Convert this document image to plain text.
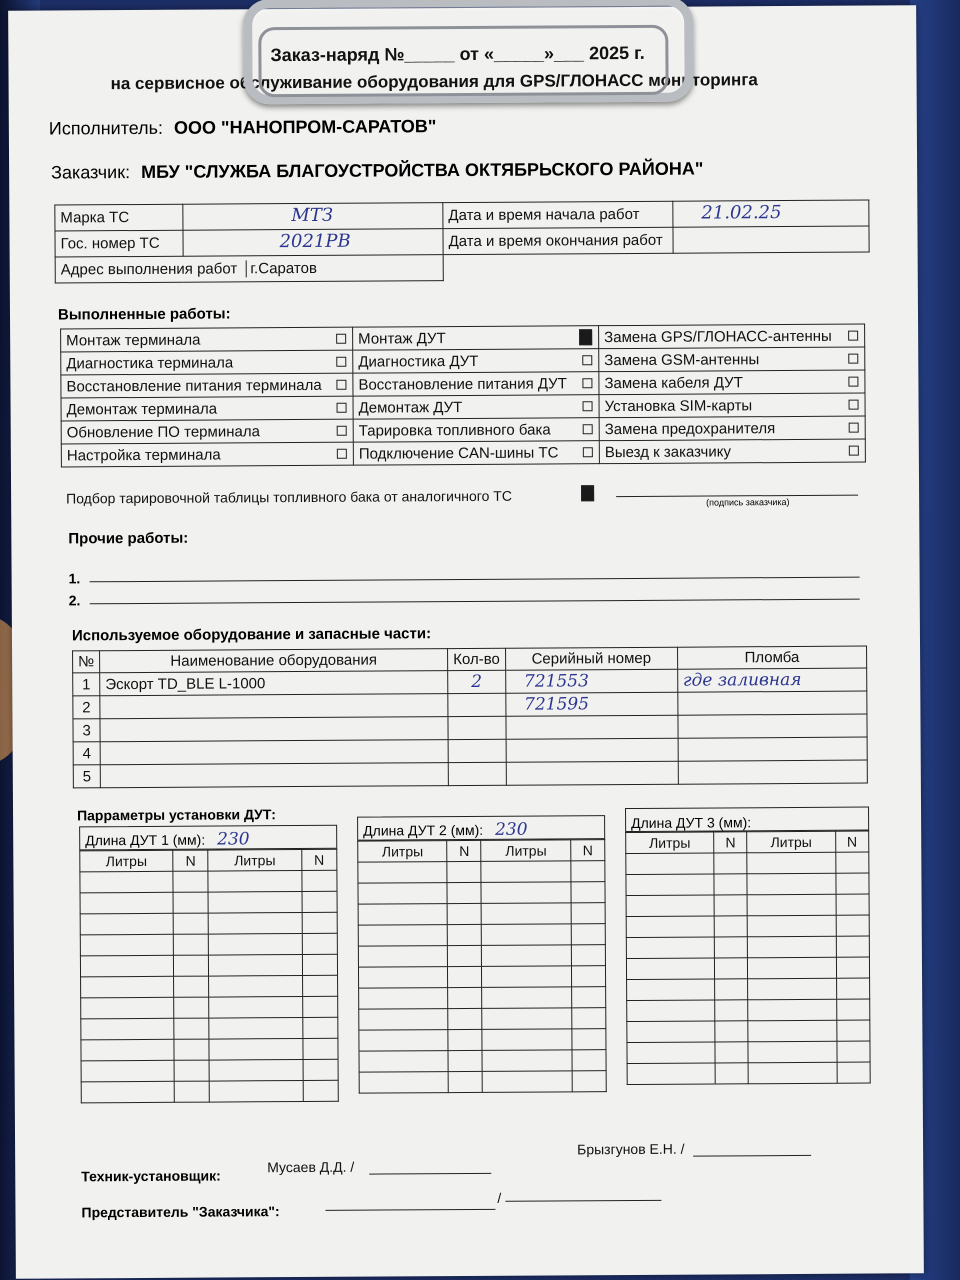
Заказ-наряд №_____ от «_____»___ 2025 г.
на сервисное обслуживание оборудования для GPS/ГЛОНАСС мониторинга
Исполнитель: ООО "НАНОПРОМ-САРАТОВ"
Заказчик: МБУ "СЛУЖБА БЛАГОУСТРОЙСТВА ОКТЯБРЬСКОГО РАЙОНА"
Марка ТС	МТЗ	Дата и время начала работ	21.02.25

Гос. номер ТС	2021РВ	Дата и время окончания работ	
Адрес выполнения работ г.Саратов			
Выполненные работы:
Монтаж терминала	Монтаж ДУТ	Замена GPS/ГЛОНАСС-антенны

Диагностика терминала	Диагностика ДУТ	Замена GSM-антенны

Восстановление питания терминала	Восстановление питания ДУТ	Замена кабеля ДУТ

Демонтаж терминала	Демонтаж ДУТ	Установка SIM-карты

Обновление ПО терминала	Тарировка топливного бака	Замена предохранителя

Настройка терминала	Подключение CAN-шины ТС	Выезд к заказчику
Подбор тарировочной таблицы топливного бака от аналогичного ТС	(подпись заказчика)
Прочие работы:
1.
2.
Используемое оборудование и запасные части:
№	Наименование оборудования	Кол-во	Серийный номер	Пломба
1	Эскорт TD_BLE L-1000	2	721553	где заливная
2			721595	
3				
4				
5				
Парраметры установки ДУТ:
Длина ДУТ 1 (мм): 230
Литры	N	Литры	N

Длина ДУТ 2 (мм): 230
Литры	N	Литры	N

Длина ДУТ 3 (мм):
Литры	N	Литры	N

Техник-установщик:
Мусаев Д.Д. /
Брызгунов Е.Н. /
Представитель "Заказчика":
/
